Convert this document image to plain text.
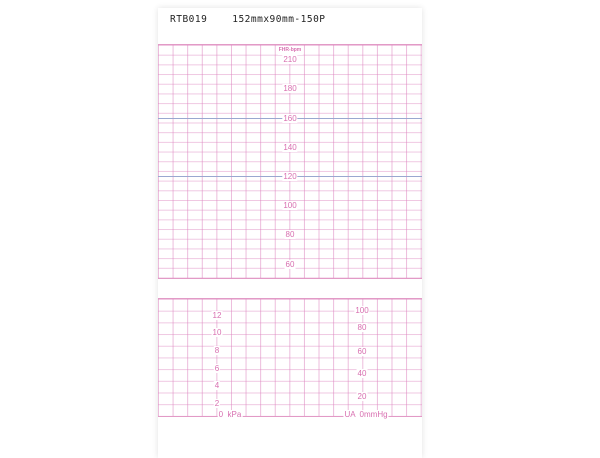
RTB019	152mmx90mm-150P
FHR-bpm
210
180
160
140
120
100
80
60
12
10
8
6
4
2
0  kPa
100
80
60
40
20
UA  0mmHg
